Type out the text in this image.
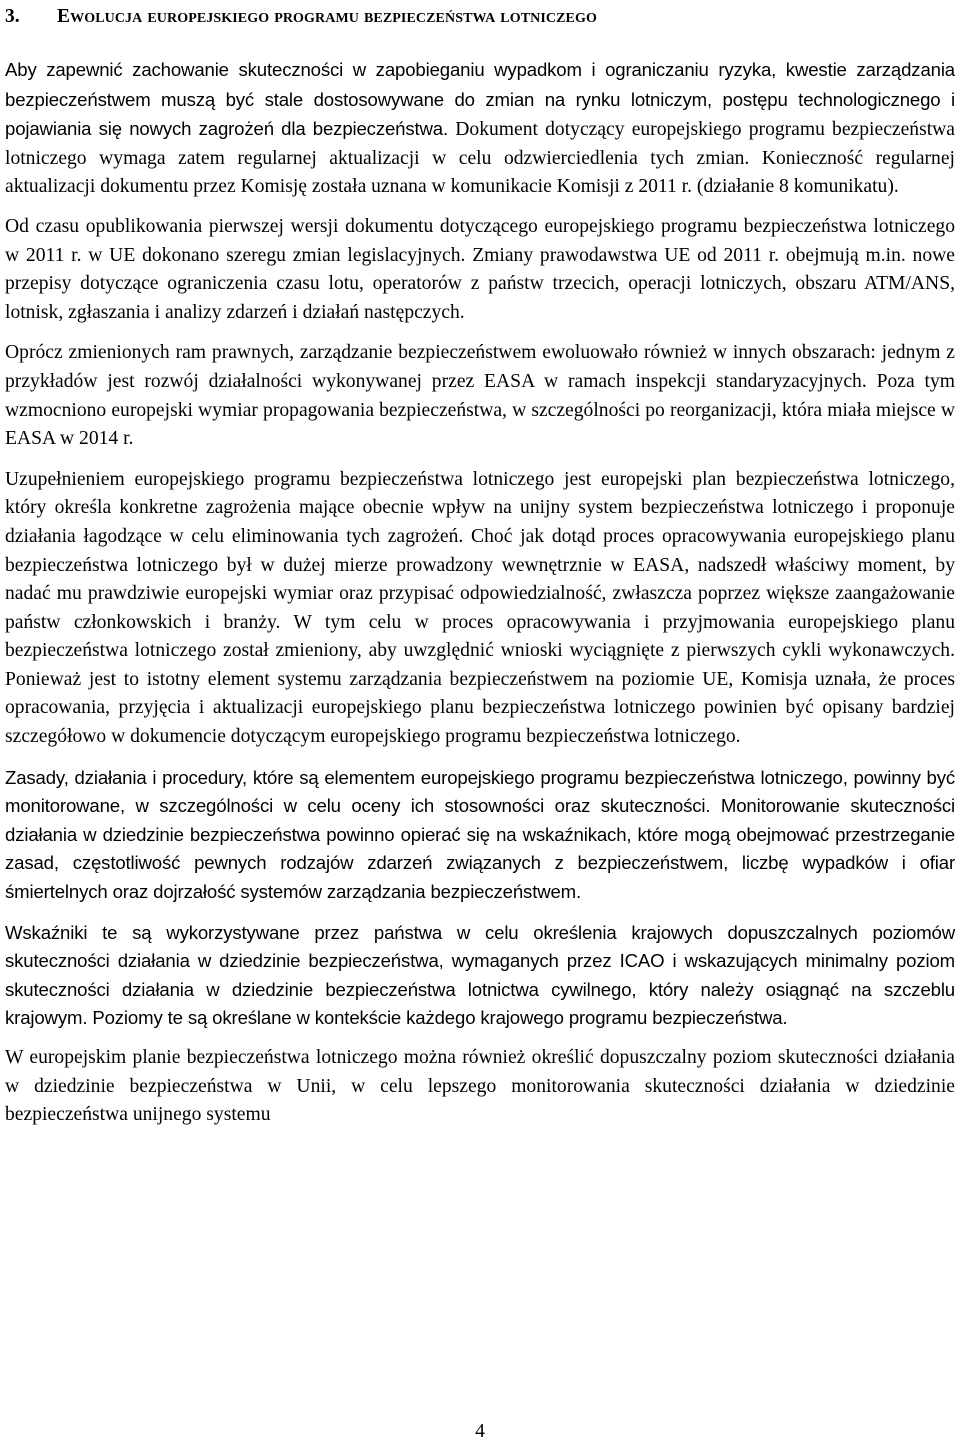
3.	Ewolucja europejskiego programu bezpieczeństwa lotniczego

Aby zapewnić zachowanie skuteczności w zapobieganiu wypadkom i ograniczaniu ryzyka, kwestie zarządzania bezpieczeństwem muszą być stale dostosowywane do zmian na rynku lotniczym, postępu technologicznego i pojawiania się nowych zagrożeń dla bezpieczeństwa. Dokument dotyczący europejskiego programu bezpieczeństwa lotniczego wymaga zatem regularnej aktualizacji w celu odzwierciedlenia tych zmian. Konieczność regularnej aktualizacji dokumentu przez Komisję została uznana w komunikacie Komisji z 2011 r. (działanie 8 komunikatu).

Od czasu opublikowania pierwszej wersji dokumentu dotyczącego europejskiego programu bezpieczeństwa lotniczego w 2011 r. w UE dokonano szeregu zmian legislacyjnych. Zmiany prawodawstwa UE od 2011 r. obejmują m.in. nowe przepisy dotyczące ograniczenia czasu lotu, operatorów z państw trzecich, operacji lotniczych, obszaru ATM/ANS, lotnisk, zgłaszania i analizy zdarzeń i działań następczych.

Oprócz zmienionych ram prawnych, zarządzanie bezpieczeństwem ewoluowało również w innych obszarach: jednym z przykładów jest rozwój działalności wykonywanej przez EASA w ramach inspekcji standaryzacyjnych. Poza tym wzmocniono europejski wymiar propagowania bezpieczeństwa, w szczególności po reorganizacji, która miała miejsce w EASA w 2014 r.

Uzupełnieniem europejskiego programu bezpieczeństwa lotniczego jest europejski plan bezpieczeństwa lotniczego, który określa konkretne zagrożenia mające obecnie wpływ na unijny system bezpieczeństwa lotniczego i proponuje działania łagodzące w celu eliminowania tych zagrożeń. Choć jak dotąd proces opracowywania europejskiego planu bezpieczeństwa lotniczego był w dużej mierze prowadzony wewnętrznie w EASA, nadszedł właściwy moment, by nadać mu prawdziwie europejski wymiar oraz przypisać odpowiedzialność, zwłaszcza poprzez większe zaangażowanie państw członkowskich i branży. W tym celu w proces opracowywania i przyjmowania europejskiego planu bezpieczeństwa lotniczego został zmieniony, aby uwzględnić wnioski wyciągnięte z pierwszych cykli wykonawczych. Ponieważ jest to istotny element systemu zarządzania bezpieczeństwem na poziomie UE, Komisja uznała, że proces opracowania, przyjęcia i aktualizacji europejskiego planu bezpieczeństwa lotniczego powinien być opisany bardziej szczegółowo w dokumencie dotyczącym europejskiego programu bezpieczeństwa lotniczego.

Zasady, działania i procedury, które są elementem europejskiego programu bezpieczeństwa lotniczego, powinny być monitorowane, w szczególności w celu oceny ich stosowności oraz skuteczności. Monitorowanie skuteczności działania w dziedzinie bezpieczeństwa powinno opierać się na wskaźnikach, które mogą obejmować przestrzeganie zasad, częstotliwość pewnych rodzajów zdarzeń związanych z bezpieczeństwem, liczbę wypadków i ofiar śmiertelnych oraz dojrzałość systemów zarządzania bezpieczeństwem.

Wskaźniki te są wykorzystywane przez państwa w celu określenia krajowych dopuszczalnych poziomów skuteczności działania w dziedzinie bezpieczeństwa, wymaganych przez ICAO i wskazujących minimalny poziom skuteczności działania w dziedzinie bezpieczeństwa lotnictwa cywilnego, który należy osiągnąć na szczeblu krajowym. Poziomy te są określane w kontekście każdego krajowego programu bezpieczeństwa.

W europejskim planie bezpieczeństwa lotniczego można również określić dopuszczalny poziom skuteczności działania w dziedzinie bezpieczeństwa w Unii, w celu lepszego monitorowania skuteczności działania w dziedzinie bezpieczeństwa unijnego systemu

4
